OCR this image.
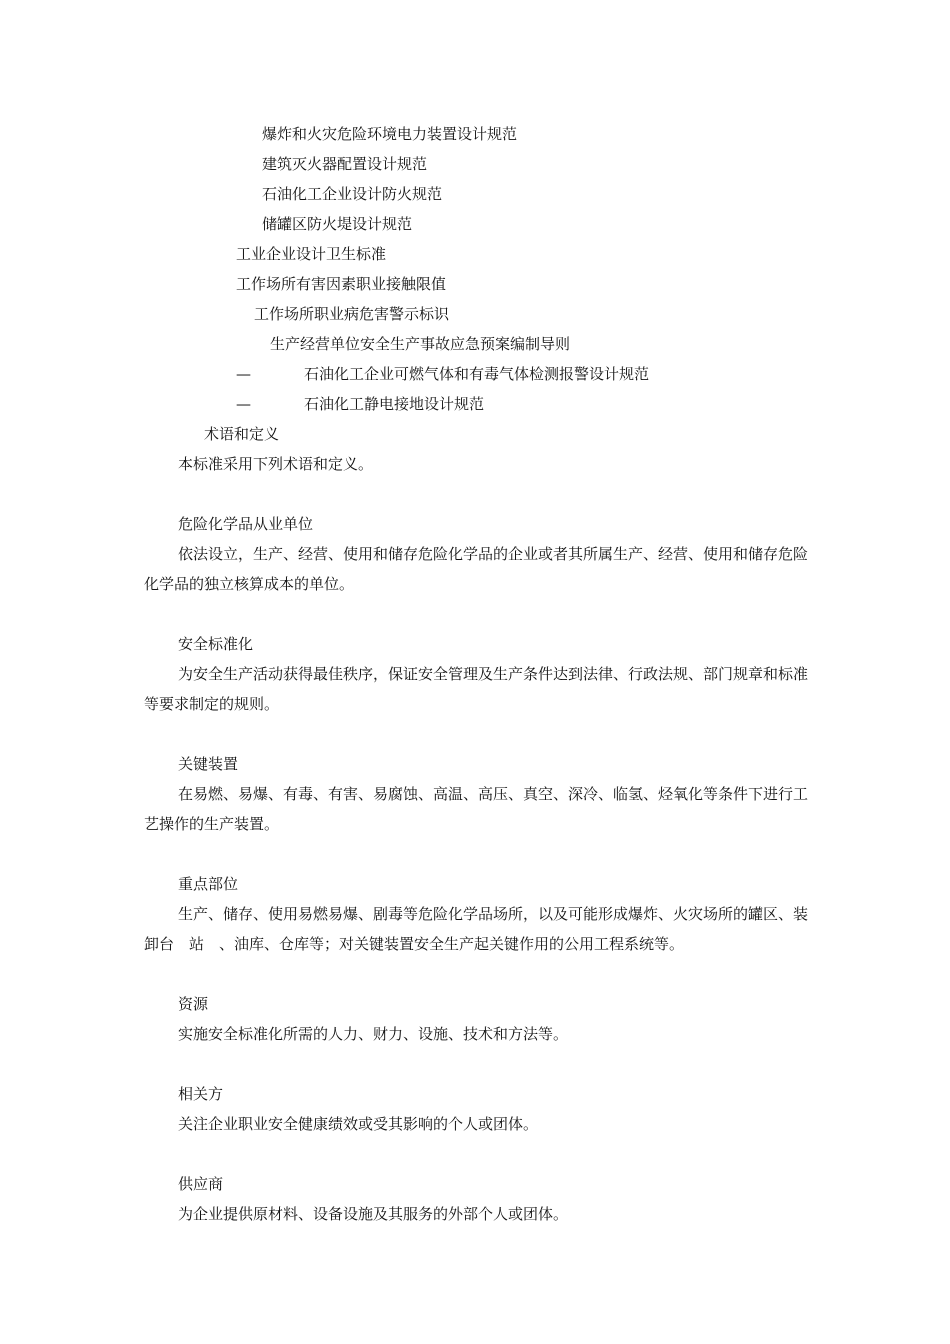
爆炸和火灾危险环境电力装置设计规范
建筑灭火器配置设计规范
石油化工企业设计防火规范
储罐区防火堤设计规范
工业企业设计卫生标准
工作场所有害因素职业接触限值
工作场所职业病危害警示标识
生产经营单位安全生产事故应急预案编制导则
—	石油化工企业可燃气体和有毒气体检测报警设计规范
—	石油化工静电接地设计规范
术语和定义
本标准采用下列术语和定义。
危险化学品从业单位
依法设立，生产、经营、使用和储存危险化学品的企业或者其所属生产、经营、使用和储存危险化学品的独立核算成本的单位。
安全标准化
为安全生产活动获得最佳秩序，保证安全管理及生产条件达到法律、行政法规、部门规章和标准等要求制定的规则。
关键装置
在易燃、易爆、有毒、有害、易腐蚀、高温、高压、真空、深冷、临氢、烃氧化等条件下进行工艺操作的生产装置。
重点部位
生产、储存、使用易燃易爆、剧毒等危险化学品场所，以及可能形成爆炸、火灾场所的罐区、装卸台　站　、油库、仓库等；对关键装置安全生产起关键作用的公用工程系统等。
资源
实施安全标准化所需的人力、财力、设施、技术和方法等。
相关方
关注企业职业安全健康绩效或受其影响的个人或团体。
供应商
为企业提供原材料、设备设施及其服务的外部个人或团体。
